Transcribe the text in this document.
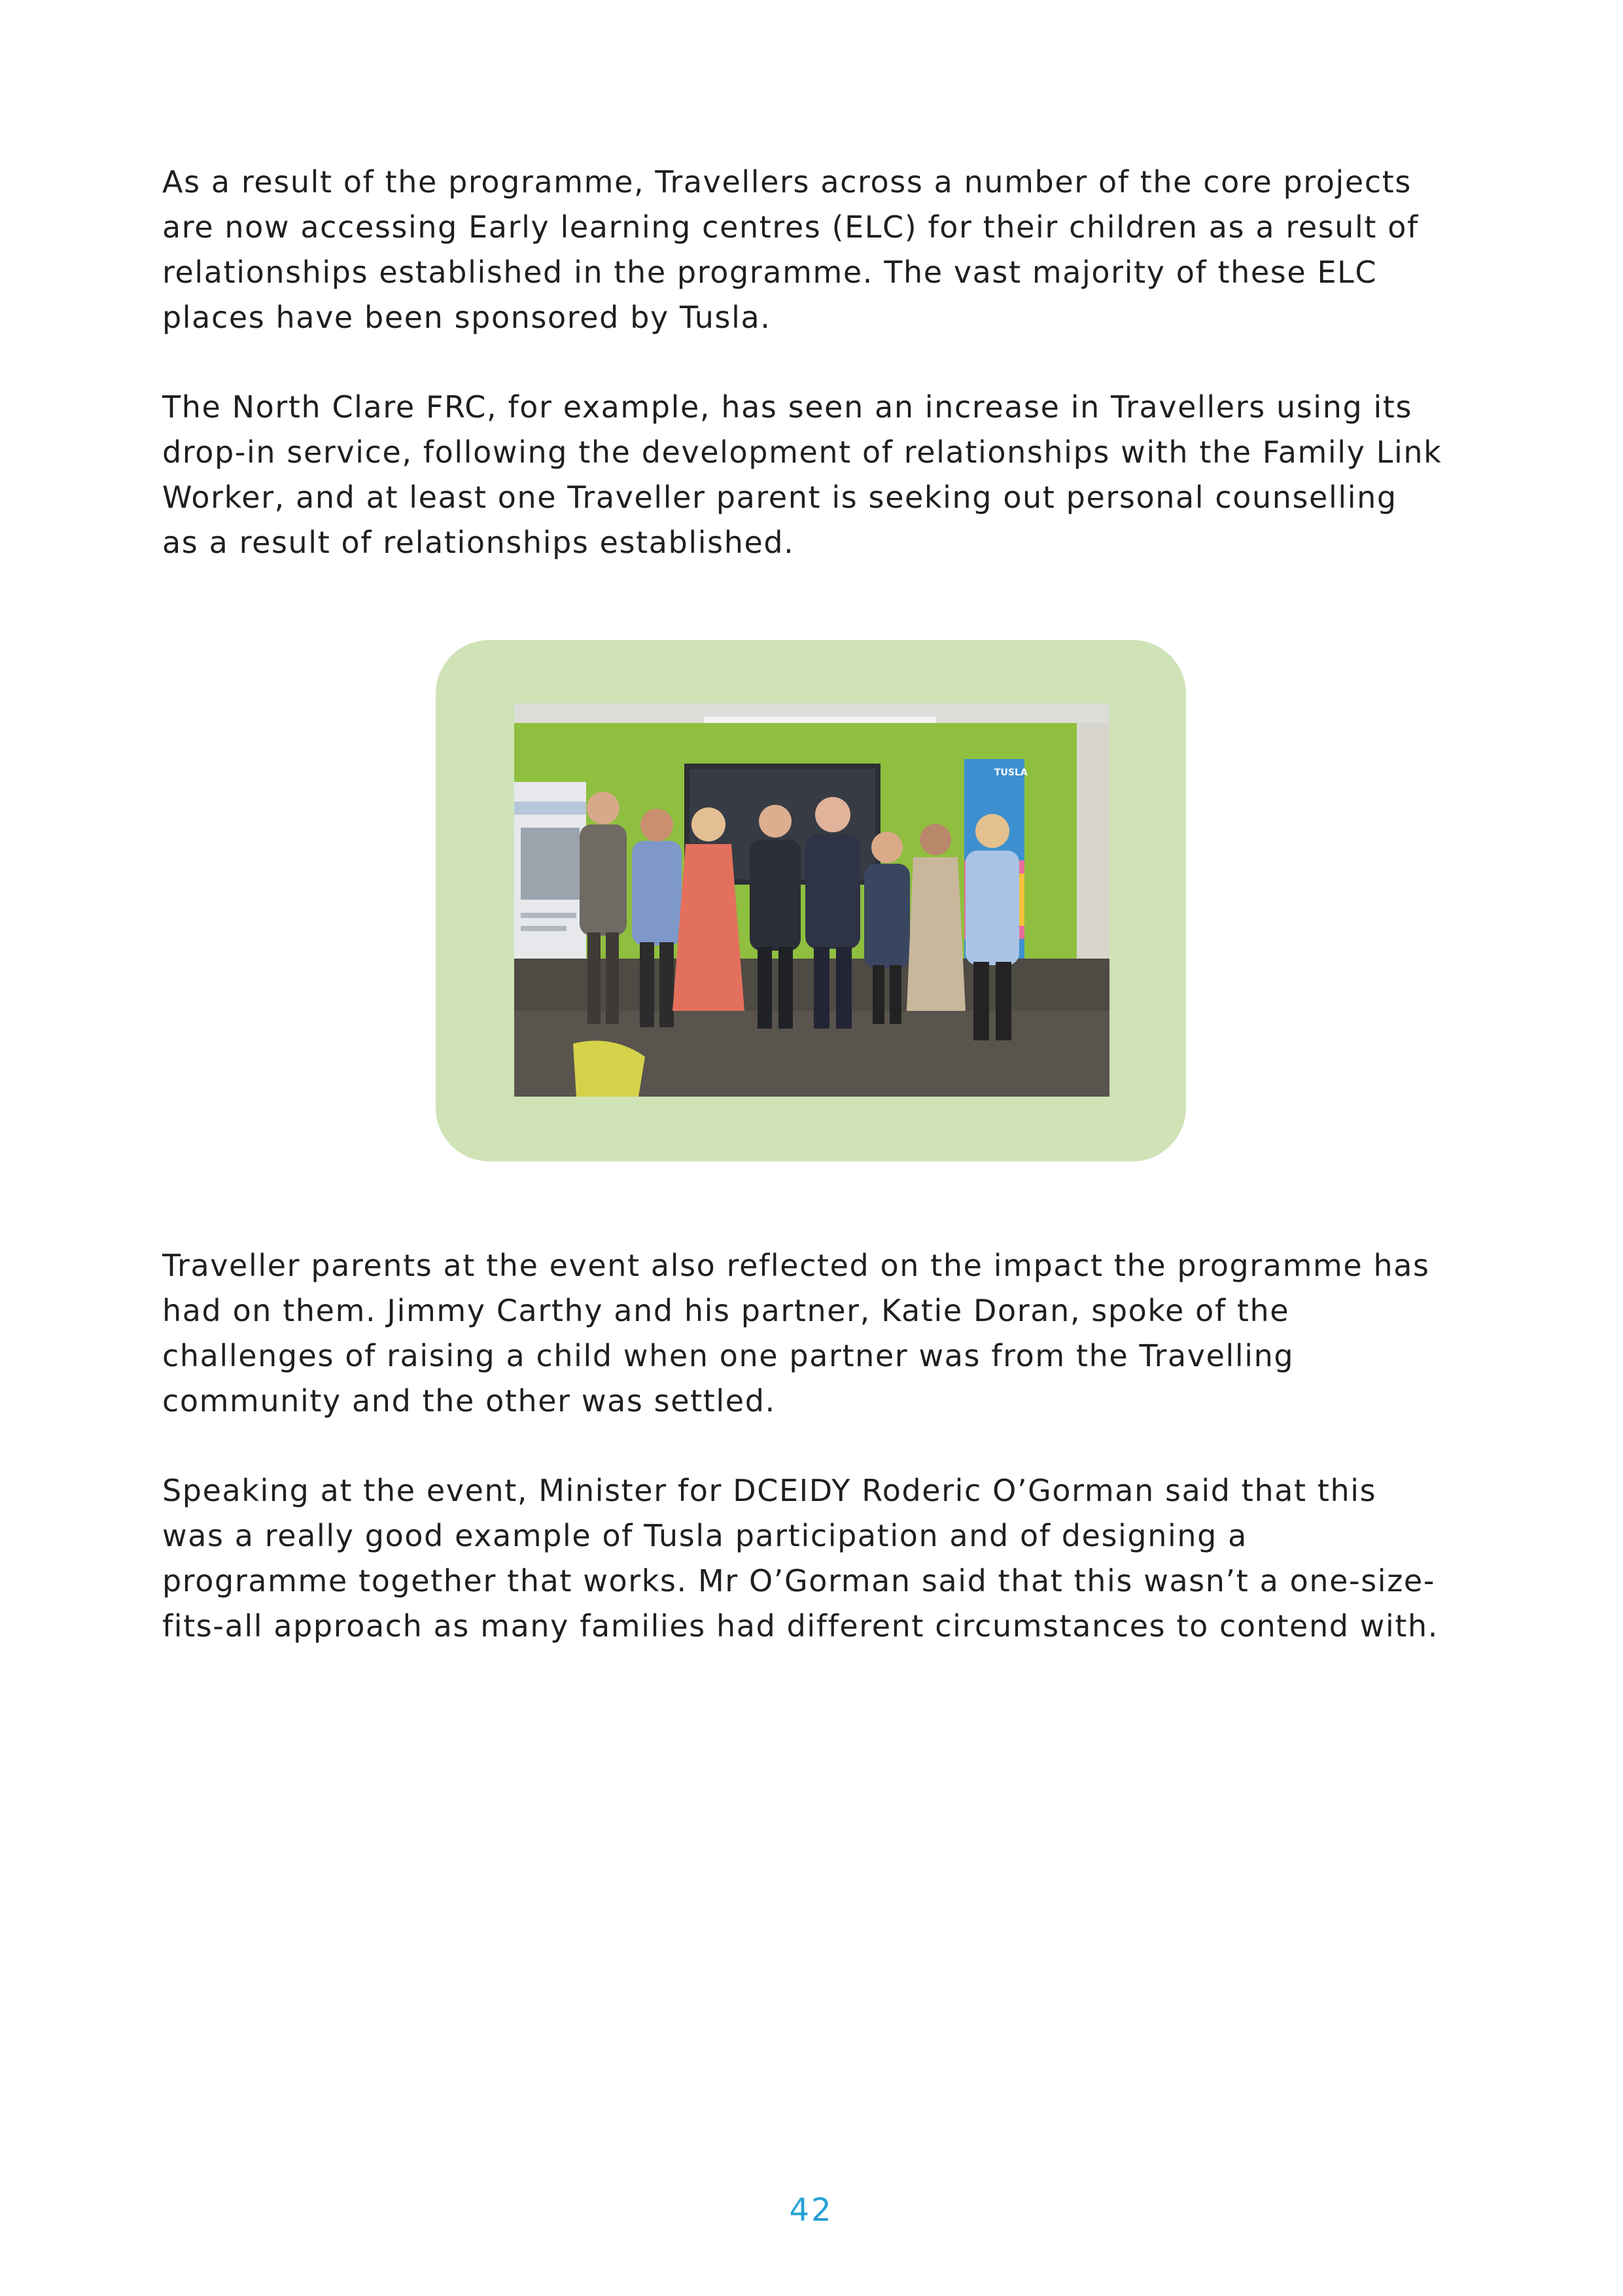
As a result of the programme, Travellers across a number of the core projects
are now accessing Early learning centres (ELC) for their children as a result of
relationships established in the programme. The vast majority of these ELC
places have been sponsored by Tusla.

The North Clare FRC, for example, has seen an increase in Travellers using its
drop-in service, following the development of relationships with the Family Link
Worker, and at least one Traveller parent is seeking out personal counselling
as a result of relationships established.

TUSLA

Traveller parents at the event also reflected on the impact the programme has
had on them. Jimmy Carthy and his partner, Katie Doran, spoke of the
challenges of raising a child when one partner was from the Travelling
community and the other was settled.

Speaking at the event, Minister for DCEIDY Roderic O’Gorman said that this
was a really good example of Tusla participation and of designing a
programme together that works. Mr O’Gorman said that this wasn’t a one-size-
fits-all approach as many families had different circumstances to contend with.

42
